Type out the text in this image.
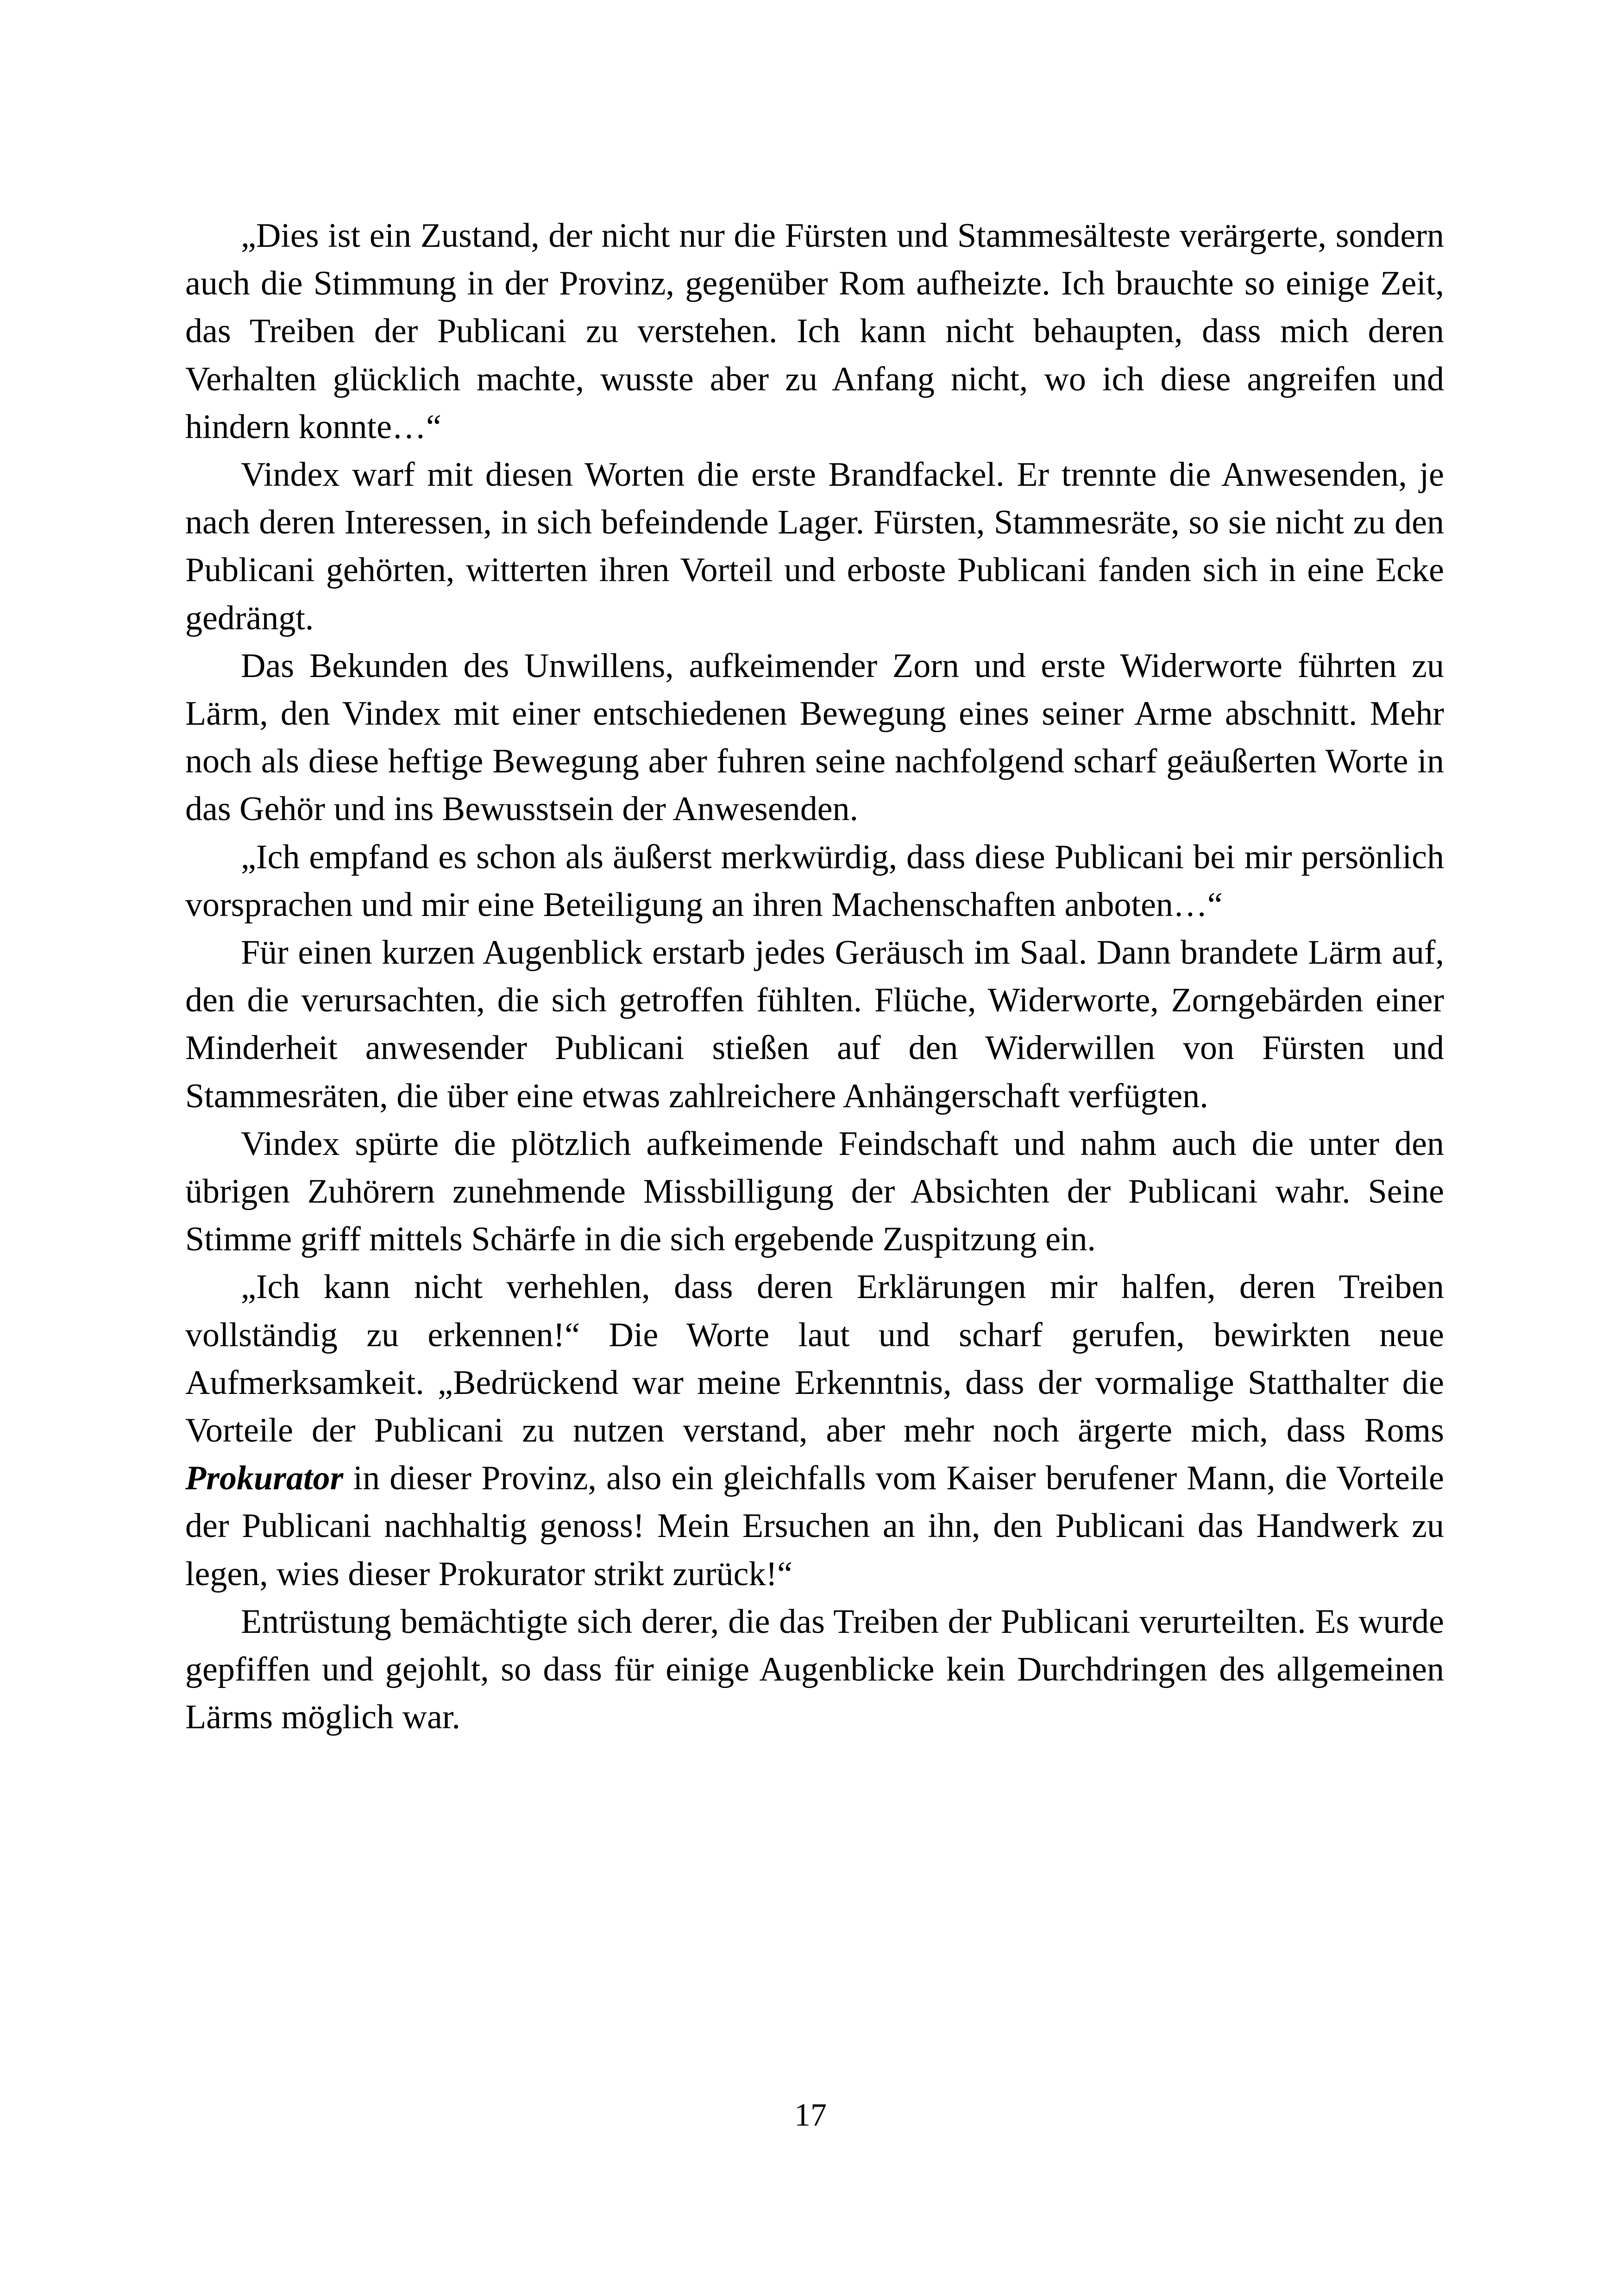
„Dies ist ein Zustand, der nicht nur die Fürsten und Stammesälteste verärgerte, sondern auch die Stimmung in der Provinz, gegenüber Rom aufheizte. Ich brauchte so einige Zeit, das Treiben der Publicani zu verstehen. Ich kann nicht behaupten, dass mich deren Verhalten glücklich machte, wusste aber zu Anfang nicht, wo ich diese angreifen und hindern konnte…“

Vindex warf mit diesen Worten die erste Brandfackel. Er trennte die Anwesenden, je nach deren Interessen, in sich befeindende Lager. Fürsten, Stammesräte, so sie nicht zu den Publicani gehörten, witterten ihren Vorteil und erboste Publicani fanden sich in eine Ecke gedrängt.

Das Bekunden des Unwillens, aufkeimender Zorn und erste Widerworte führten zu Lärm, den Vindex mit einer entschiedenen Bewegung eines seiner Arme abschnitt. Mehr noch als diese heftige Bewegung aber fuhren seine nachfolgend scharf geäußerten Worte in das Gehör und ins Bewusstsein der Anwesenden.

„Ich empfand es schon als äußerst merkwürdig, dass diese Publicani bei mir persönlich vorsprachen und mir eine Beteiligung an ihren Machenschaften anboten…“

Für einen kurzen Augenblick erstarb jedes Geräusch im Saal. Dann brandete Lärm auf, den die verursachten, die sich getroffen fühlten. Flüche, Widerworte, Zorngebärden einer Minderheit anwesender Publicani stießen auf den Widerwillen von Fürsten und Stammesräten, die über eine etwas zahlreichere Anhängerschaft verfügten.

Vindex spürte die plötzlich aufkeimende Feindschaft und nahm auch die unter den übrigen Zuhörern zunehmende Missbilligung der Absichten der Publicani wahr. Seine Stimme griff mittels Schärfe in die sich ergebende Zuspitzung ein.

„Ich kann nicht verhehlen, dass deren Erklärungen mir halfen, deren Treiben vollständig zu erkennen!“ Die Worte laut und scharf gerufen, bewirkten neue Aufmerksamkeit. „Bedrückend war meine Erkenntnis, dass der vormalige Statthalter die Vorteile der Publicani zu nutzen verstand, aber mehr noch ärgerte mich, dass Roms Prokurator in dieser Provinz, also ein gleichfalls vom Kaiser berufener Mann, die Vorteile der Publicani nachhaltig genoss! Mein Ersuchen an ihn, den Publicani das Handwerk zu legen, wies dieser Prokurator strikt zurück!“

Entrüstung bemächtigte sich derer, die das Treiben der Publicani verurteilten. Es wurde gepfiffen und gejohlt, so dass für einige Augenblicke kein Durchdringen des allgemeinen Lärms möglich war.

17
